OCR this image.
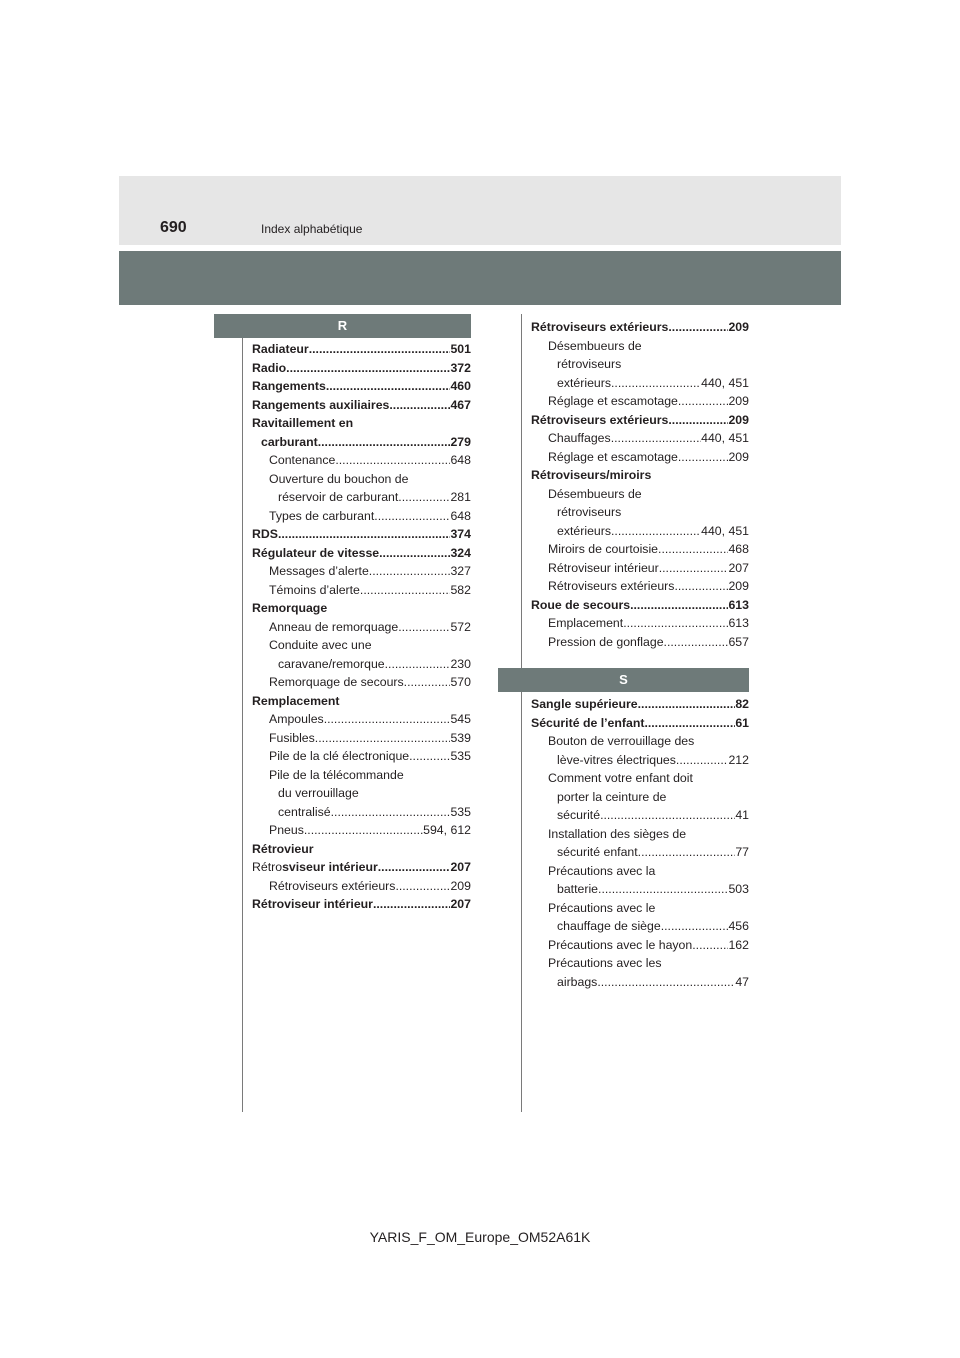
690	Index alphabétique
R
Radiateur .....	501
Radio .....	372
Rangements .....	460
Rangements auxiliaires .....	467
Ravitaillement en
carburant .....	279
Contenance .....	648
Ouverture du bouchon de
réservoir de carburant .....	281
Types de carburant .....	648
RDS .....	374
Régulateur de vitesse .....	324
Messages d’alerte .....	327
Témoins d’alerte .....	582
Remorquage
Anneau de remorquage .....	572
Conduite avec une
caravane/remorque .....	230
Remorquage de secours .....	570
Remplacement
Ampoules .....	545
Fusibles .....	539
Pile de la clé électronique .....	535
Pile de la télécommande
du verrouillage
centralisé .....	535
Pneus .....	594, 612
Rétrovieur
Rétrosviseur intérieur .....	207
Rétroviseurs extérieurs .....	209
Rétroviseur intérieur .....	207
Rétroviseurs extérieurs .....	209
Désembueurs de
rétroviseurs
extérieurs .....	440, 451
Réglage et escamotage .....	209
Rétroviseurs extérieurs .....	209
Chauffages .....	440, 451
Réglage et escamotage .....	209
Rétroviseurs/miroirs
Désembueurs de
rétroviseurs
extérieurs .....	440, 451
Miroirs de courtoisie .....	468
Rétroviseur intérieur .....	207
Rétroviseurs extérieurs .....	209
Roue de secours .....	613
Emplacement .....	613
Pression de gonflage .....	657
S
Sangle supérieure .....	82
Sécurité de l’enfant .....	61
Bouton de verrouillage des
lève-vitres électriques .....	212
Comment votre enfant doit
porter la ceinture de
sécurité .....	41
Installation des sièges de
sécurité enfant .....	77
Précautions avec la
batterie .....	503
Précautions avec le
chauffage de siège .....	456
Précautions avec le hayon .....	162
Précautions avec les
airbags .....	47
YARIS_F_OM_Europe_OM52A61K
